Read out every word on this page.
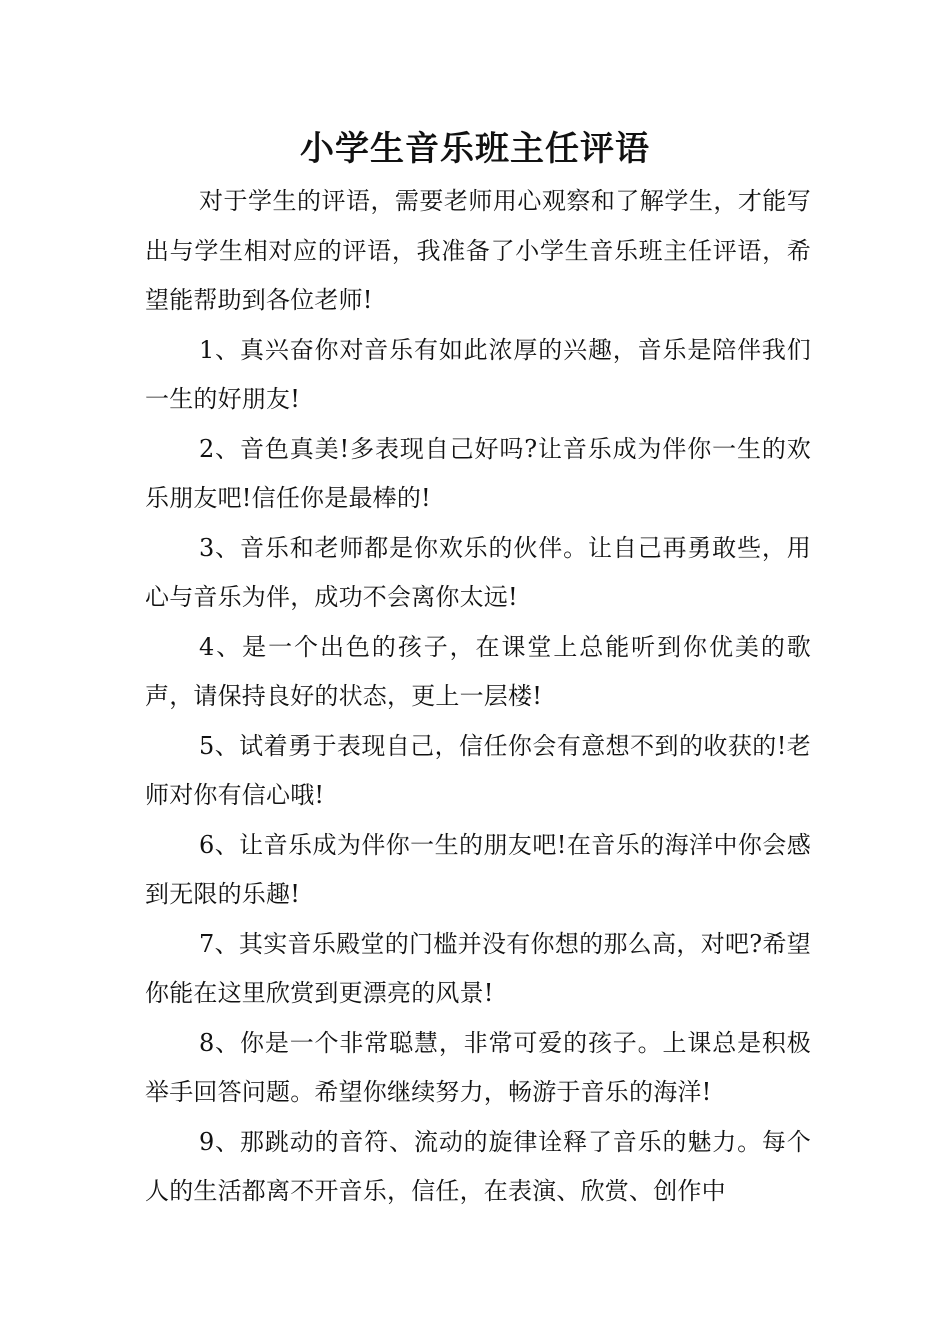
小学生音乐班主任评语

对于学生的评语，需要老师用心观察和了解学生，才能写出与学生相对应的评语，我准备了小学生音乐班主任评语，希望能帮助到各位老师!

1、真兴奋你对音乐有如此浓厚的兴趣，音乐是陪伴我们一生的好朋友!

2、音色真美!多表现自己好吗?让音乐成为伴你一生的欢乐朋友吧!信任你是最棒的!

3、音乐和老师都是你欢乐的伙伴。让自己再勇敢些，用心与音乐为伴，成功不会离你太远!

4、是一个出色的孩子，在课堂上总能听到你优美的歌声，请保持良好的状态，更上一层楼!

5、试着勇于表现自己，信任你会有意想不到的收获的!老师对你有信心哦!

6、让音乐成为伴你一生的朋友吧!在音乐的海洋中你会感到无限的乐趣!

7、其实音乐殿堂的门槛并没有你想的那么高，对吧?希望你能在这里欣赏到更漂亮的风景!

8、你是一个非常聪慧，非常可爱的孩子。上课总是积极举手回答问题。希望你继续努力，畅游于音乐的海洋!

9、那跳动的音符、流动的旋律诠释了音乐的魅力。每个人的生活都离不开音乐，信任，在表演、欣赏、创作中
